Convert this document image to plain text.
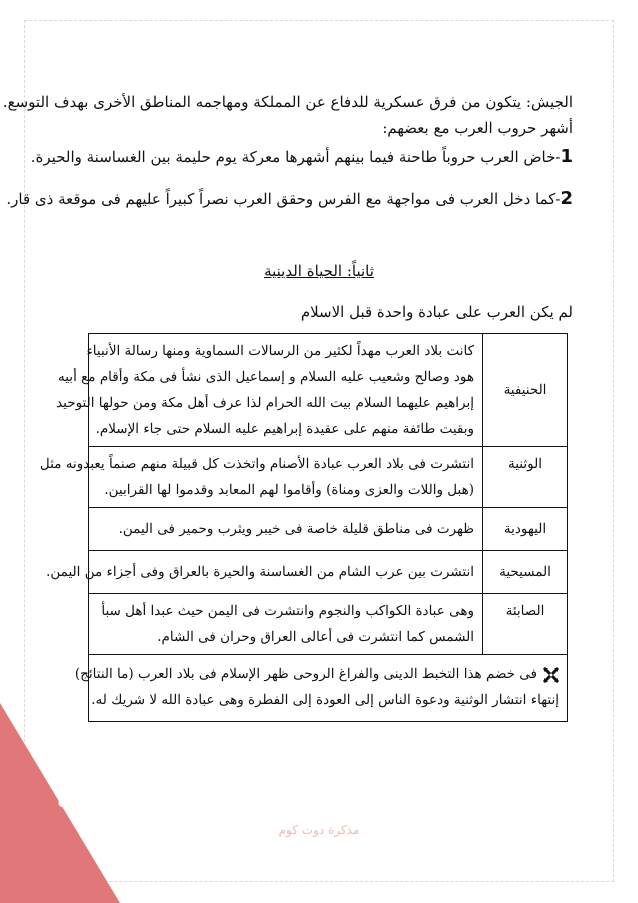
الجيش: يتكون من فرق عسكرية للدفاع عن المملكة ومهاجمه المناطق الأخرى بهدف التوسع.
أشهر حروب العرب مع بعضهم:
1-خاض العرب حروباً طاحنة فيما بينهم أشهرها معركة يوم حليمة بين الغساسنة والحيرة.
2-كما دخل العرب فى مواجهة مع الفرس وحقق العرب نصراً كبيراً عليهم فى موقعة ذى قار.
ثانياً: الحياة الدينية
لم يكن العرب على عبادة واحدة قبل الاسلام
الحنيفية	كانت بلاد العرب مهداً لكثير من الرسالات السماوية ومنها رسالة الأنبياء
هود وصالح وشعيب عليه السلام و إسماعيل الذى نشأ فى مكة وأقام مع أبيه
إبراهيم عليهما السلام بيت الله الحرام لذا عرف أهل مكة ومن حولها التوحيد
وبقيت طائفة منهم على عقيدة إبراهيم عليه السلام حتى جاء الإسلام.

الوثنية	انتشرت فى بلاد العرب عبادة الأصنام واتخذت كل قبيلة منهم صنماً يعبدونه مثل
(هبل واللات والعزى ومناة) وأقاموا لهم المعابد وقدموا لها القرابين.

اليهودية	ظهرت فى مناطق قليلة خاصة فى خيبر ويثرب وحمير فى اليمن.

المسيحية	انتشرت بين عرب الشام من الغساسنة والحيرة بالعراق وفى أجزاء من اليمن.

الصابئة	وهى عبادة الكواكب والنجوم وانتشرت فى اليمن حيث عبدا أهل سبأ
الشمس كما انتشرت فى أعالى العراق وحران فى الشام.

فى خضم هذا التخبط الدينى والفراغ الروحى ظهر الإسلام فى بلاد العرب (ما النتائج)
إنتهاء انتشار الوثنية ودعوة الناس إلى العودة إلى الفطرة وهى عبادة الله لا شريك له.	
85
مذكرة دوت كوم
